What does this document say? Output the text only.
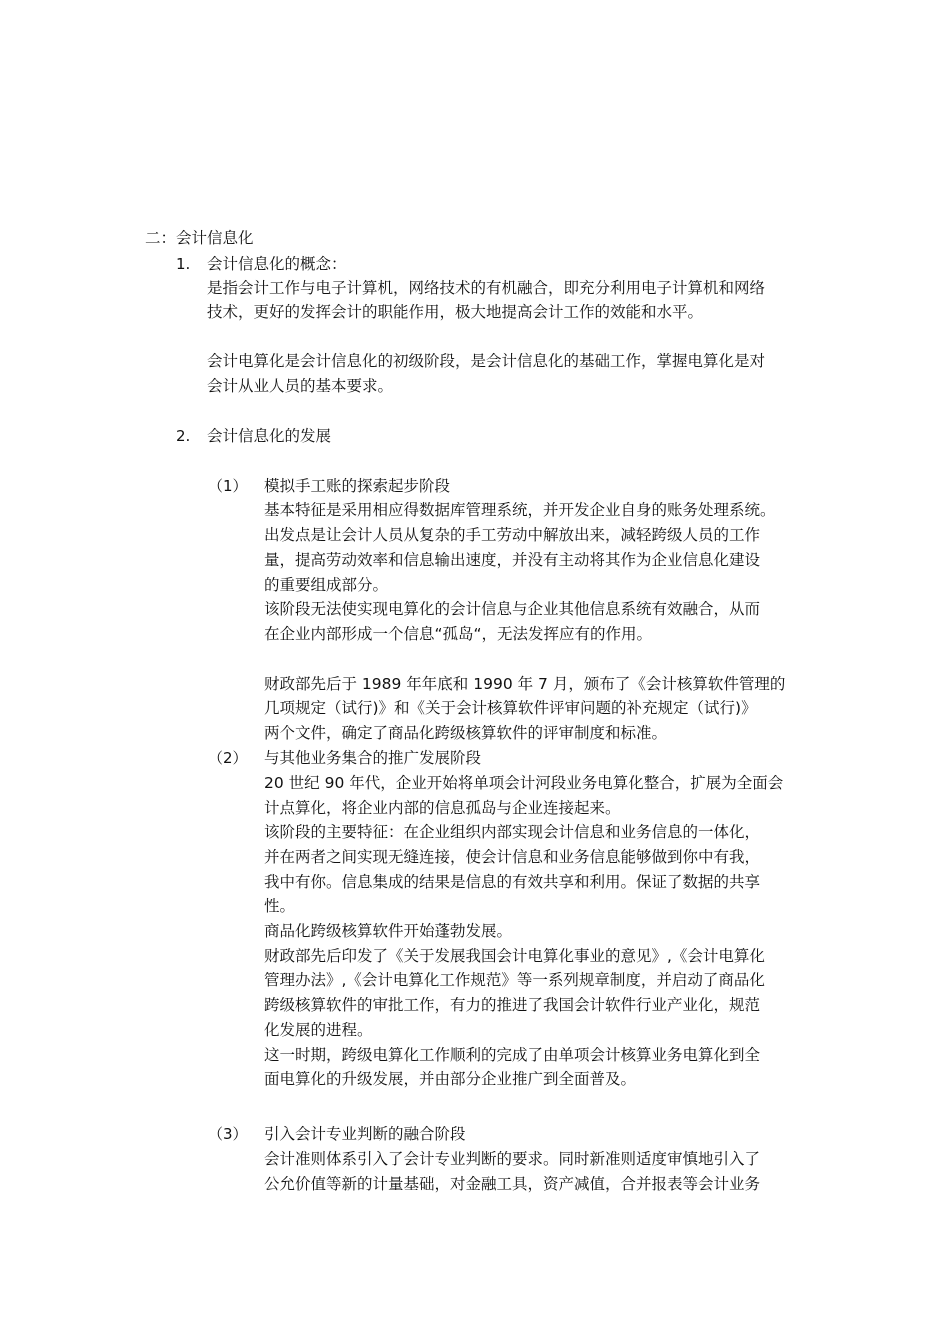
二：会计信息化
1. 会计信息化的概念：
是指会计工作与电子计算机，网络技术的有机融合，即充分利用电子计算机和网络
技术，更好的发挥会计的职能作用，极大地提高会计工作的效能和水平。
会计电算化是会计信息化的初级阶段，是会计信息化的基础工作，掌握电算化是对
会计从业人员的基本要求。
2. 会计信息化的发展
（1） 模拟手工账的探索起步阶段
基本特征是采用相应得数据库管理系统，并开发企业自身的账务处理系统。
出发点是让会计人员从复杂的手工劳动中解放出来，减轻跨级人员的工作
量，提高劳动效率和信息输出速度，并没有主动将其作为企业信息化建设
的重要组成部分。
该阶段无法使实现电算化的会计信息与企业其他信息系统有效融合，从而
在企业内部形成一个信息“孤岛“，无法发挥应有的作用。
财政部先后于 1989 年年底和 1990 年 7 月，颁布了《会计核算软件管理的
几项规定（试行)》和《关于会计核算软件评审问题的补充规定（试行)》
两个文件，确定了商品化跨级核算软件的评审制度和标准。
（2） 与其他业务集合的推广发展阶段
20 世纪 90 年代，企业开始将单项会计河段业务电算化整合，扩展为全面会
计点算化，将企业内部的信息孤岛与企业连接起来。
该阶段的主要特征：在企业组织内部实现会计信息和业务信息的一体化，
并在两者之间实现无缝连接，使会计信息和业务信息能够做到你中有我，
我中有你。信息集成的结果是信息的有效共享和利用。保证了数据的共享
性。
商品化跨级核算软件开始蓬勃发展。
财政部先后印发了《关于发展我国会计电算化事业的意见》,《会计电算化
管理办法》,《会计电算化工作规范》等一系列规章制度，并启动了商品化
跨级核算软件的审批工作，有力的推进了我国会计软件行业产业化，规范
化发展的进程。
这一时期，跨级电算化工作顺利的完成了由单项会计核算业务电算化到全
面电算化的升级发展，并由部分企业推广到全面普及。
（3） 引入会计专业判断的融合阶段
会计准则体系引入了会计专业判断的要求。同时新准则适度审慎地引入了
公允价值等新的计量基础，对金融工具，资产减值，合并报表等会计业务
